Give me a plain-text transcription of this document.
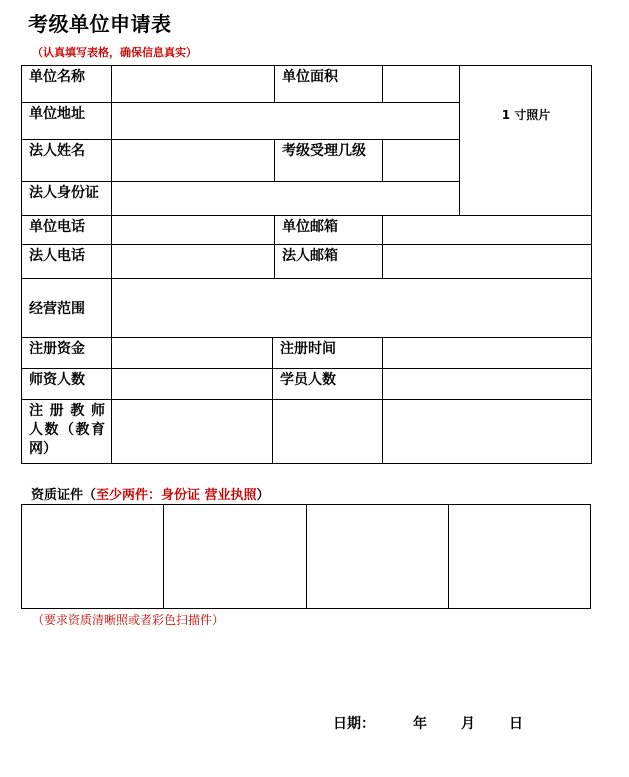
考级单位申请表
（认真填写表格，确保信息真实）
单位名称			单位面积		1 寸照片
单位地址					
法人姓名			考级受理几级		
法人身份证					
单位电话			单位邮箱		
法人电话			法人邮箱		
经营范围					
注册资金		注册时间			
师资人数		学员人数			
注 册 教 师 人数（教育网）					
资质证件（至少两件：身份证 营业执照）

（要求资质清晰照或者彩色扫描件）
日期：	年 月 日
